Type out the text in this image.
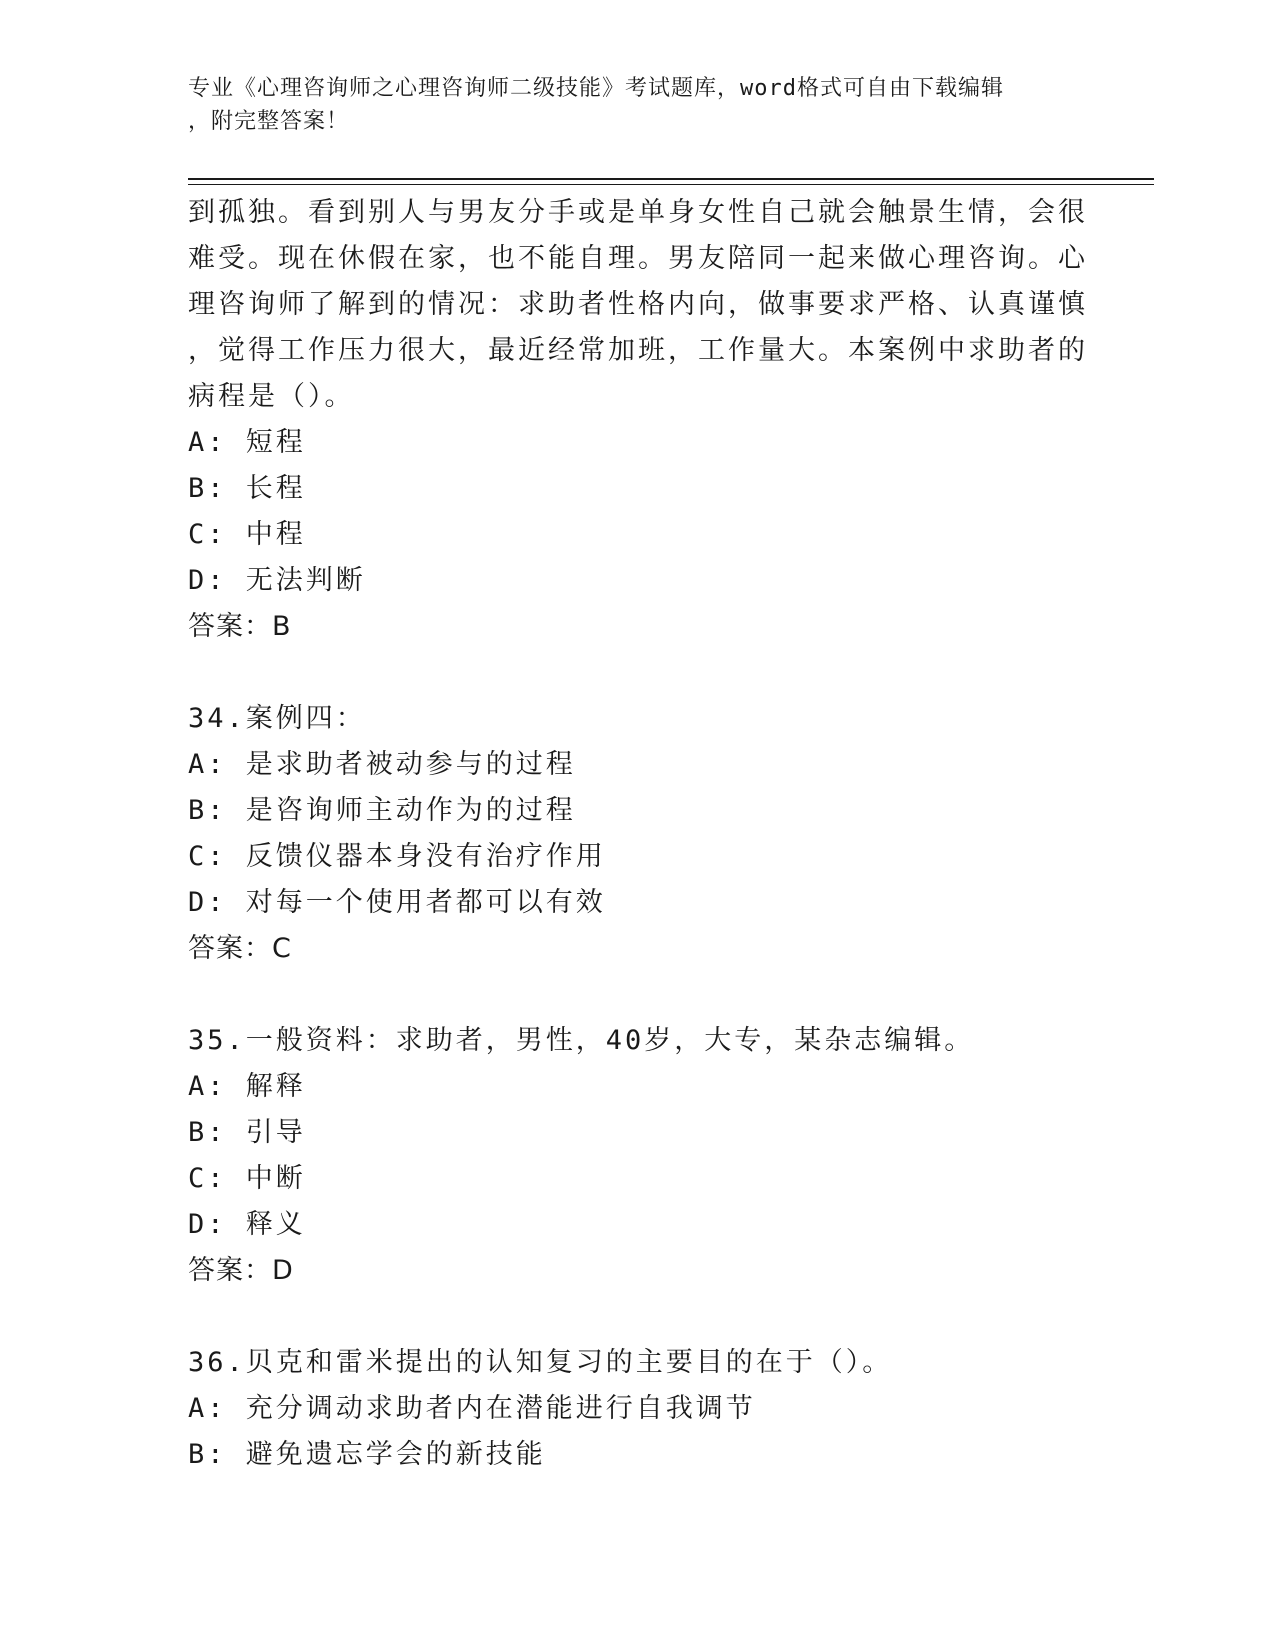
专业《心理咨询师之心理咨询师二级技能》考试题库，word格式可自由下载编辑
，附完整答案！
到孤独。看到别人与男友分手或是单身女性自己就会触景生情，会很
难受。现在休假在家，也不能自理。男友陪同一起来做心理咨询。心
理咨询师了解到的情况：求助者性格内向，做事要求严格、认真谨慎
，觉得工作压力很大，最近经常加班，工作量大。本案例中求助者的
病程是（）。
A: 短程
B: 长程
C: 中程
D: 无法判断
答案：B
34.案例四：
A: 是求助者被动参与的过程
B: 是咨询师主动作为的过程
C: 反馈仪器本身没有治疗作用
D: 对每一个使用者都可以有效
答案：C
35.一般资料：求助者，男性，40岁，大专，某杂志编辑。
A: 解释
B: 引导
C: 中断
D: 释义
答案：D
36.贝克和雷米提出的认知复习的主要目的在于（）。
A: 充分调动求助者内在潜能进行自我调节
B: 避免遗忘学会的新技能
